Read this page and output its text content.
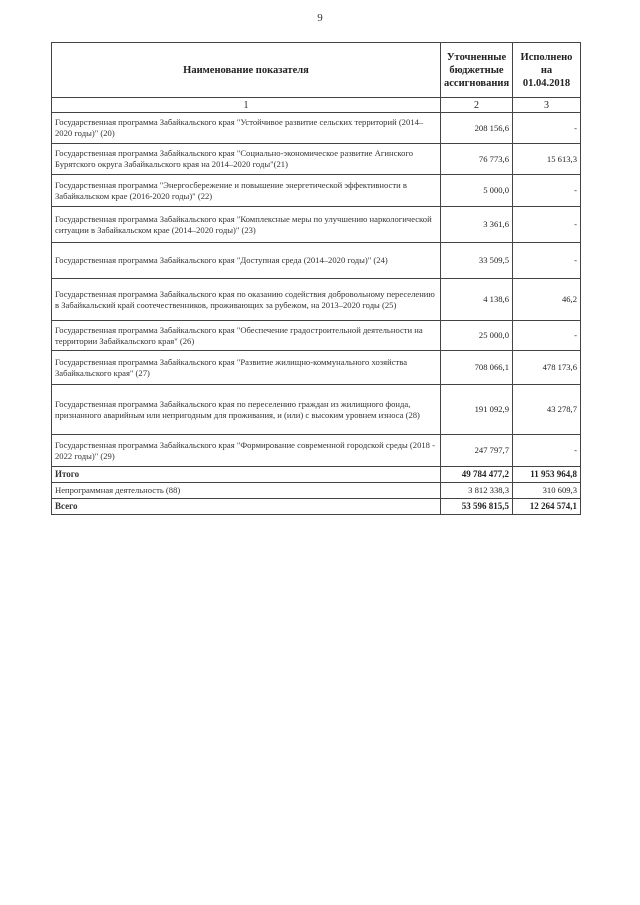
9
Наименование показателя	Уточненные бюджетные ассигнования	Исполнено на 01.04.2018
1	2	3
Государственная программа Забайкальского края "Устойчивое развитие сельских территорий (2014–2020 годы)" (20)	208 156,6	-
Государственная программа Забайкальского края "Социально-экономическое развитие Агинского Бурятского округа Забайкальского края на 2014–2020 годы"(21)	76 773,6	15 613,3
Государственная программа "Энергосбережение и повышение энергетической эффективности в Забайкальском крае (2016-2020 годы)" (22)	5 000,0	-
Государственная программа Забайкальского края "Комплексные меры по улучшению наркологической ситуации в Забайкальском крае (2014–2020 годы)" (23)	3 361,6	-
Государственная программа Забайкальского края "Доступная среда (2014–2020 годы)" (24)	33 509,5	-
Государственная программа Забайкальского края по оказанию содействия добровольному переселению в Забайкальский край соотечественников, проживающих за рубежом, на 2013–2020 годы (25)	4 138,6	46,2
Государственная программа Забайкальского края "Обеспечение градостроительной деятельности на территории Забайкальского края" (26)	25 000,0	-
Государственная программа Забайкальского края "Развитие жилищно-коммунального хозяйства Забайкальского края" (27)	708 066,1	478 173,6
Государственная программа Забайкальского края по переселению граждан из жилищного фонда, признанного аварийным или непригодным для проживания, и (или) с высоким уровнем износа (28)	191 092,9	43 278,7
Государственная программа Забайкальского края "Формирование современной городской среды (2018 - 2022 годы)" (29)	247 797,7	-
Итого	49 784 477,2	11 953 964,8
Непрограммная деятельность (88)	3 812 338,3	310 609,3
Всего	53 596 815,5	12 264 574,1
